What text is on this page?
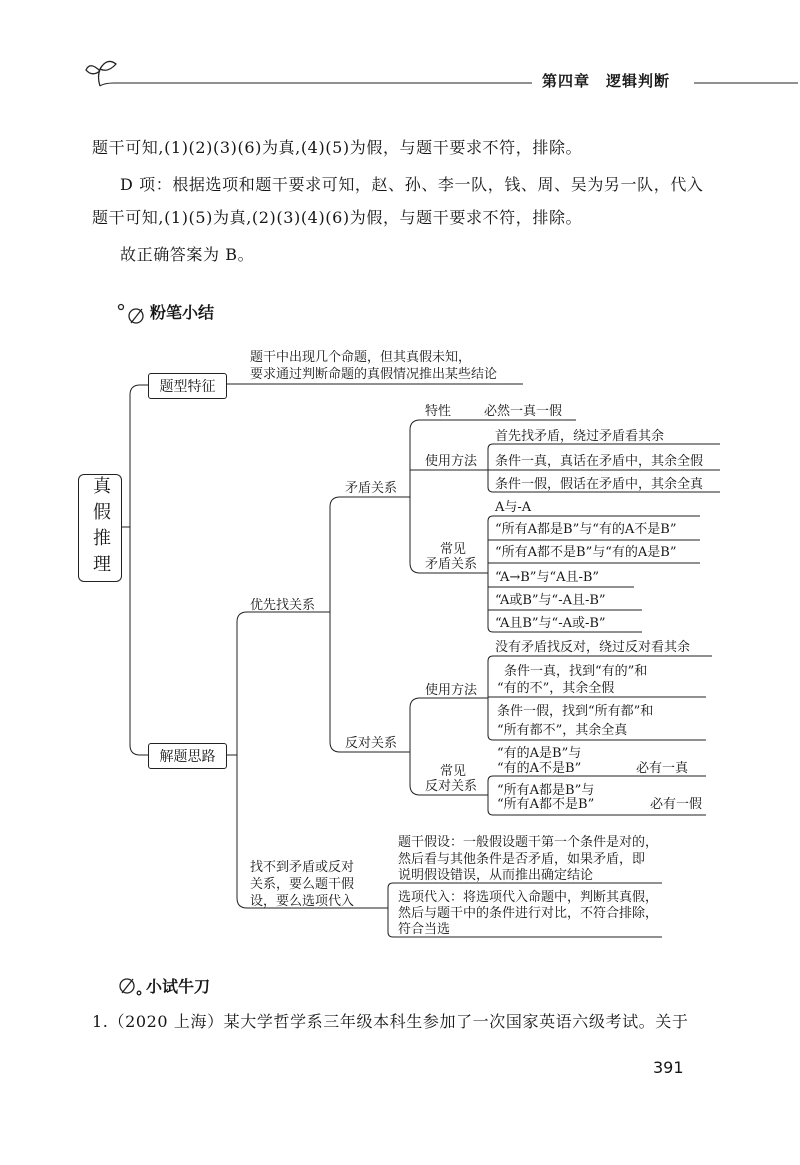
第四章　逻辑判断
题干可知,(1)(2)(3)(6)为真,(4)(5)为假，与题干要求不符，排除。
D 项：根据选项和题干要求可知，赵、孙、李一队，钱、周、吴为另一队，代入
题干可知,(1)(5)为真,(2)(3)(4)(6)为假，与题干要求不符，排除。
故正确答案为 B。
粉笔小结
真假推理
题型特征
题干中出现几个命题，但其真假未知，
要求通过判断命题的真假情况推出某些结论
解题思路
优先找关系
矛盾关系
特性	必然一真一假
使用方法
首先找矛盾，绕过矛盾看其余
条件一真，真话在矛盾中，其余全假
条件一假，假话在矛盾中，其余全真
常见
矛盾关系
A与-A
“所有A都是B”与“有的A不是B”
“所有A都不是B”与“有的A是B”
“A→B”与“A且-B”
“A或B”与“-A且-B”
“A且B”与“-A或-B”
反对关系
使用方法
没有矛盾找反对，绕过反对看其余
条件一真，找到“有的”和
“有的不”，其余全假
条件一假，找到“所有都”和
“所有都不”，其余全真
常见
反对关系
“有的A是B”与
“有的A不是B”	必有一真
“所有A都是B”与
“所有A都不是B”	必有一假
找不到矛盾或反对
关系，要么题干假
设，要么选项代入
题干假设：一般假设题干第一个条件是对的，
然后看与其他条件是否矛盾，如果矛盾，即
说明假设错误，从而推出确定结论
选项代入：将选项代入命题中，判断其真假，
然后与题干中的条件进行对比，不符合排除，
符合当选
小试牛刀
1.（2020 上海）某大学哲学系三年级本科生参加了一次国家英语六级考试。关于
391
